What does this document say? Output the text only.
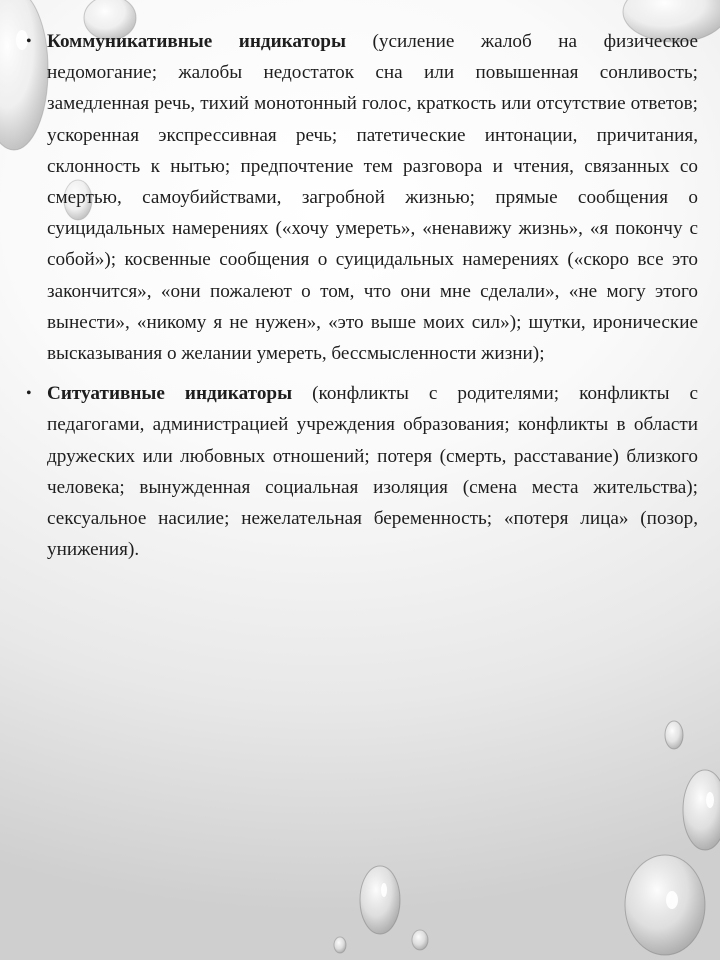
• Коммуникативные индикаторы (усиление жалоб на физическое недомогание; жалобы недостаток сна или повышенная сонливость; замедленная речь, тихий монотонный голос, краткость или отсутствие ответов; ускоренная экспрессивная речь; патетические интонации, причитания, склонность к нытью; предпочтение тем разговора и чтения, связанных со смертью, самоубийствами, загробной жизнью; прямые сообщения о суицидальных намерениях («хочу умереть», «ненавижу жизнь», «я покончу с собой»); косвенные сообщения о суицидальных намерениях («скоро все это закончится», «они пожалеют о том, что они мне сделали», «не могу этого вынести», «никому я не нужен», «это выше моих сил»); шутки, иронические высказывания о желании умереть, бессмысленности жизни);

• Ситуативные индикаторы (конфликты с родителями; конфликты с педагогами, администрацией учреждения образования; конфликты в области дружеских или любовных отношений; потеря (смерть, расставание) близкого человека; вынужденная социальная изоляция (смена места жительства); сексуальное насилие; нежелательная беременность; «потеря лица» (позор, унижения).
